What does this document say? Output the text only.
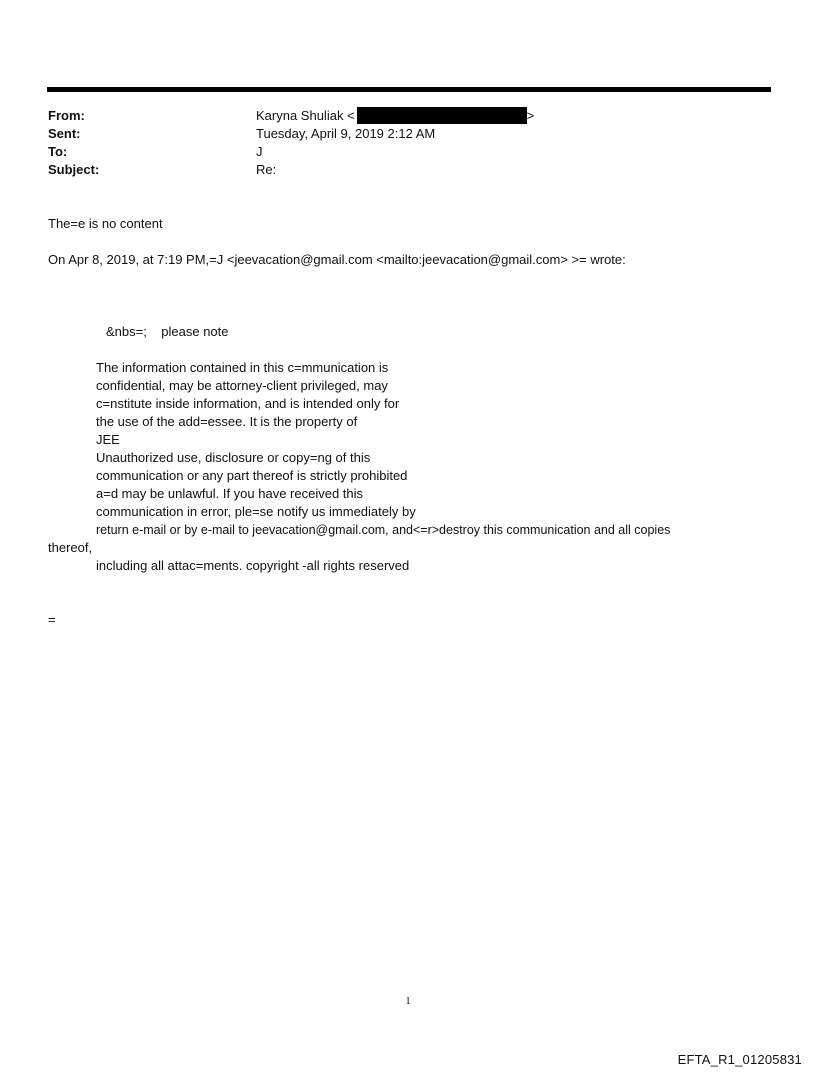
From:	Karyna Shuliak <	>
Sent:	Tuesday, April 9, 2019 2:12 AM
To:	J
Subject:	Re:
The=e is no content
On Apr 8, 2019, at 7:19 PM,=J <jeevacation@gmail.com <mailto:jeevacation@gmail.com> >= wrote:
&nbs=;    please note
The information contained in this c=mmunication is
confidential, may be attorney-client privileged, may
c=nstitute inside information, and is intended only for
the use of the add=essee. It is the property of
JEE
Unauthorized use, disclosure or copy=ng of this
communication or any part thereof is strictly prohibited
a=d may be unlawful. If you have received this
communication in error, ple=se notify us immediately by
return e-mail or by e-mail to jeevacation@gmail.com, and<=r>destroy this communication and all copies
thereof,
including all attac=ments. copyright -all rights reserved
=
1
EFTA_R1_01205831
